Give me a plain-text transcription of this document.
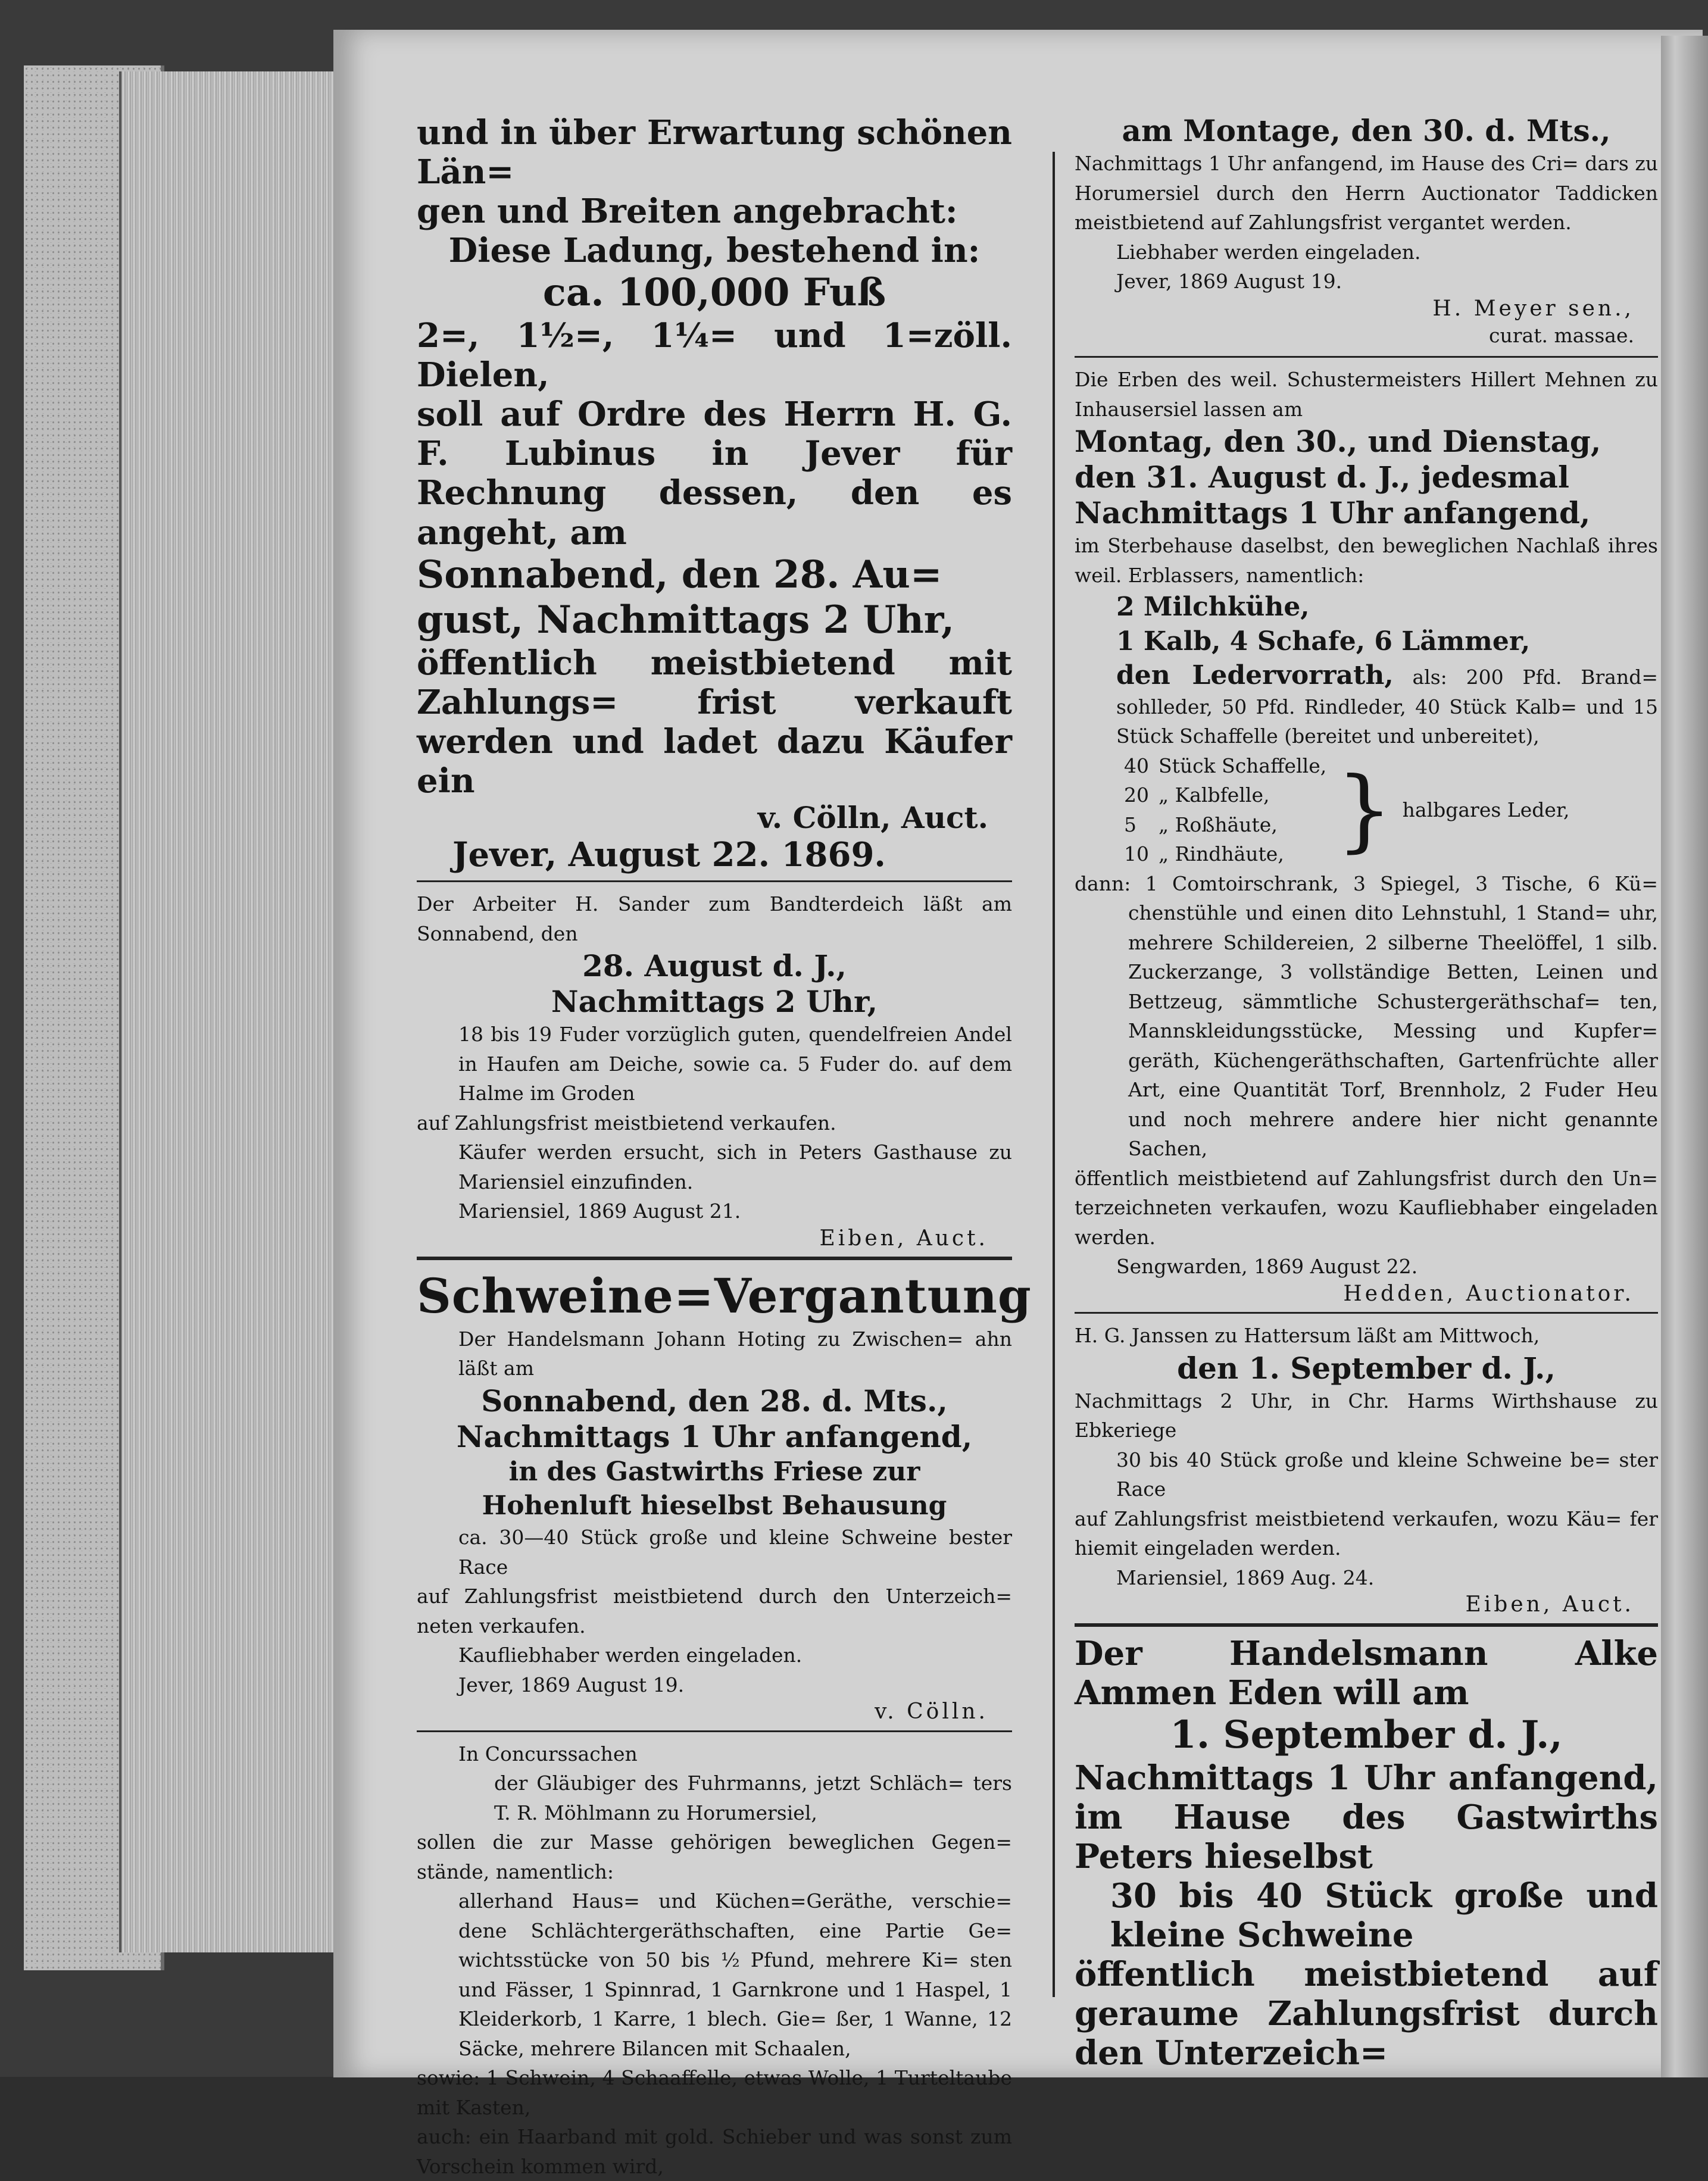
und in über Erwartung schönen Län=

gen und Breiten angebracht:

Diese Ladung, bestehend in:

ca. 100,000 Fuß

2=, 1½=, 1¼= und 1=zöll. Dielen,

soll auf Ordre des Herrn H. G. F. Lubinus in Jever für Rechnung dessen, den es angeht, am

Sonnabend, den 28. Au=

gust, Nachmittags 2 Uhr,

öffentlich meistbietend mit Zahlungs= frist verkauft werden und ladet dazu Käufer ein

v. Cölln, Auct.

Jever, August 22. 1869.

Der Arbeiter H. Sander zum Bandterdeich läßt am Sonnabend, den

28. August d. J.,

Nachmittags 2 Uhr,

18 bis 19 Fuder vorzüglich guten, quendelfreien Andel in Haufen am Deiche, sowie ca. 5 Fuder do. auf dem Halme im Groden

auf Zahlungsfrist meistbietend verkaufen.

Käufer werden ersucht, sich in Peters Gasthause zu Mariensiel einzufinden.

Mariensiel, 1869 August 21.

Eiben, Auct.

Schweine=Vergantung

Der Handelsmann Johann Hoting zu Zwischen= ahn läßt am

Sonnabend, den 28. d. Mts.,

Nachmittags 1 Uhr anfangend,

in des Gastwirths Friese zur

Hohenluft hieselbst Behausung

ca. 30—40 Stück große und kleine Schweine bester Race

auf Zahlungsfrist meistbietend durch den Unterzeich= neten verkaufen.

Kaufliebhaber werden eingeladen.

Jever, 1869 August 19.

v. Cölln.

In Concurssachen

der Gläubiger des Fuhrmanns, jetzt Schläch= ters T. R. Möhlmann zu Horumersiel,

sollen die zur Masse gehörigen beweglichen Gegen= stände, namentlich:

allerhand Haus= und Küchen=Geräthe, verschie= dene Schlächtergeräthschaften, eine Partie Ge= wichtsstücke von 50 bis ½ Pfund, mehrere Ki= sten und Fässer, 1 Spinnrad, 1 Garnkrone und 1 Haspel, 1 Kleiderkorb, 1 Karre, 1 blech. Gie= ßer, 1 Wanne, 12 Säcke, mehrere Bilancen mit Schaalen,

sowie: 1 Schwein, 4 Schaaffelle, etwas Wolle, 1 Turteltaube mit Kasten,

auch: ein Haarband mit gold. Schieber und was sonst zum Vorschein kommen wird,

am Montage, den 30. d. Mts.,

Nachmittags 1 Uhr anfangend, im Hause des Cri= dars zu Horumersiel durch den Herrn Auctionator Taddicken meistbietend auf Zahlungsfrist vergantet werden.

Liebhaber werden eingeladen.

Jever, 1869 August 19.

H. Meyer sen.,

curat. massae.

Die Erben des weil. Schustermeisters Hillert Mehnen zu Inhausersiel lassen am

Montag, den 30., und Dienstag,

den 31. August d. J., jedesmal

Nachmittags 1 Uhr anfangend,

im Sterbehause daselbst, den beweglichen Nachlaß ihres weil. Erblassers, namentlich:

2 Milchkühe,

1 Kalb, 4 Schafe, 6 Lämmer,

den Ledervorrath, als: 200 Pfd. Brand= sohlleder, 50 Pfd. Rindleder, 40 Stück Kalb= und 15 Stück Schaffelle (bereitet und unbereitet),

40	Stück Schaffelle,	}	halbgares Leder,
20	„ Kalbfelle,		
5	„ Roßhäute,		
10	„ Rindhäute,		

dann: 1 Comtoirschrank, 3 Spiegel, 3 Tische, 6 Kü= chenstühle und einen dito Lehnstuhl, 1 Stand= uhr, mehrere Schildereien, 2 silberne Theelöffel, 1 silb. Zuckerzange, 3 vollständige Betten, Leinen und Bettzeug, sämmtliche Schustergeräthschaf= ten, Mannskleidungsstücke, Messing und Kupfer= geräth, Küchengeräthschaften, Gartenfrüchte aller Art, eine Quantität Torf, Brennholz, 2 Fuder Heu und noch mehrere andere hier nicht genannte Sachen,

öffentlich meistbietend auf Zahlungsfrist durch den Un= terzeichneten verkaufen, wozu Kaufliebhaber eingeladen werden.

Sengwarden, 1869 August 22.

Hedden, Auctionator.

H. G. Janssen zu Hattersum läßt am Mittwoch,

den 1. September d. J.,

Nachmittags 2 Uhr, in Chr. Harms Wirthshause zu Ebkeriege

30 bis 40 Stück große und kleine Schweine be= ster Race

auf Zahlungsfrist meistbietend verkaufen, wozu Käu= fer hiemit eingeladen werden.

Mariensiel, 1869 Aug. 24.

Eiben, Auct.

Der Handelsmann Alke Ammen Eden will am

1. September d. J.,

Nachmittags 1 Uhr anfangend, im Hause des Gastwirths Peters hieselbst

30 bis 40 Stück große und kleine Schweine

öffentlich meistbietend auf geraume Zahlungsfrist durch den Unterzeich=
